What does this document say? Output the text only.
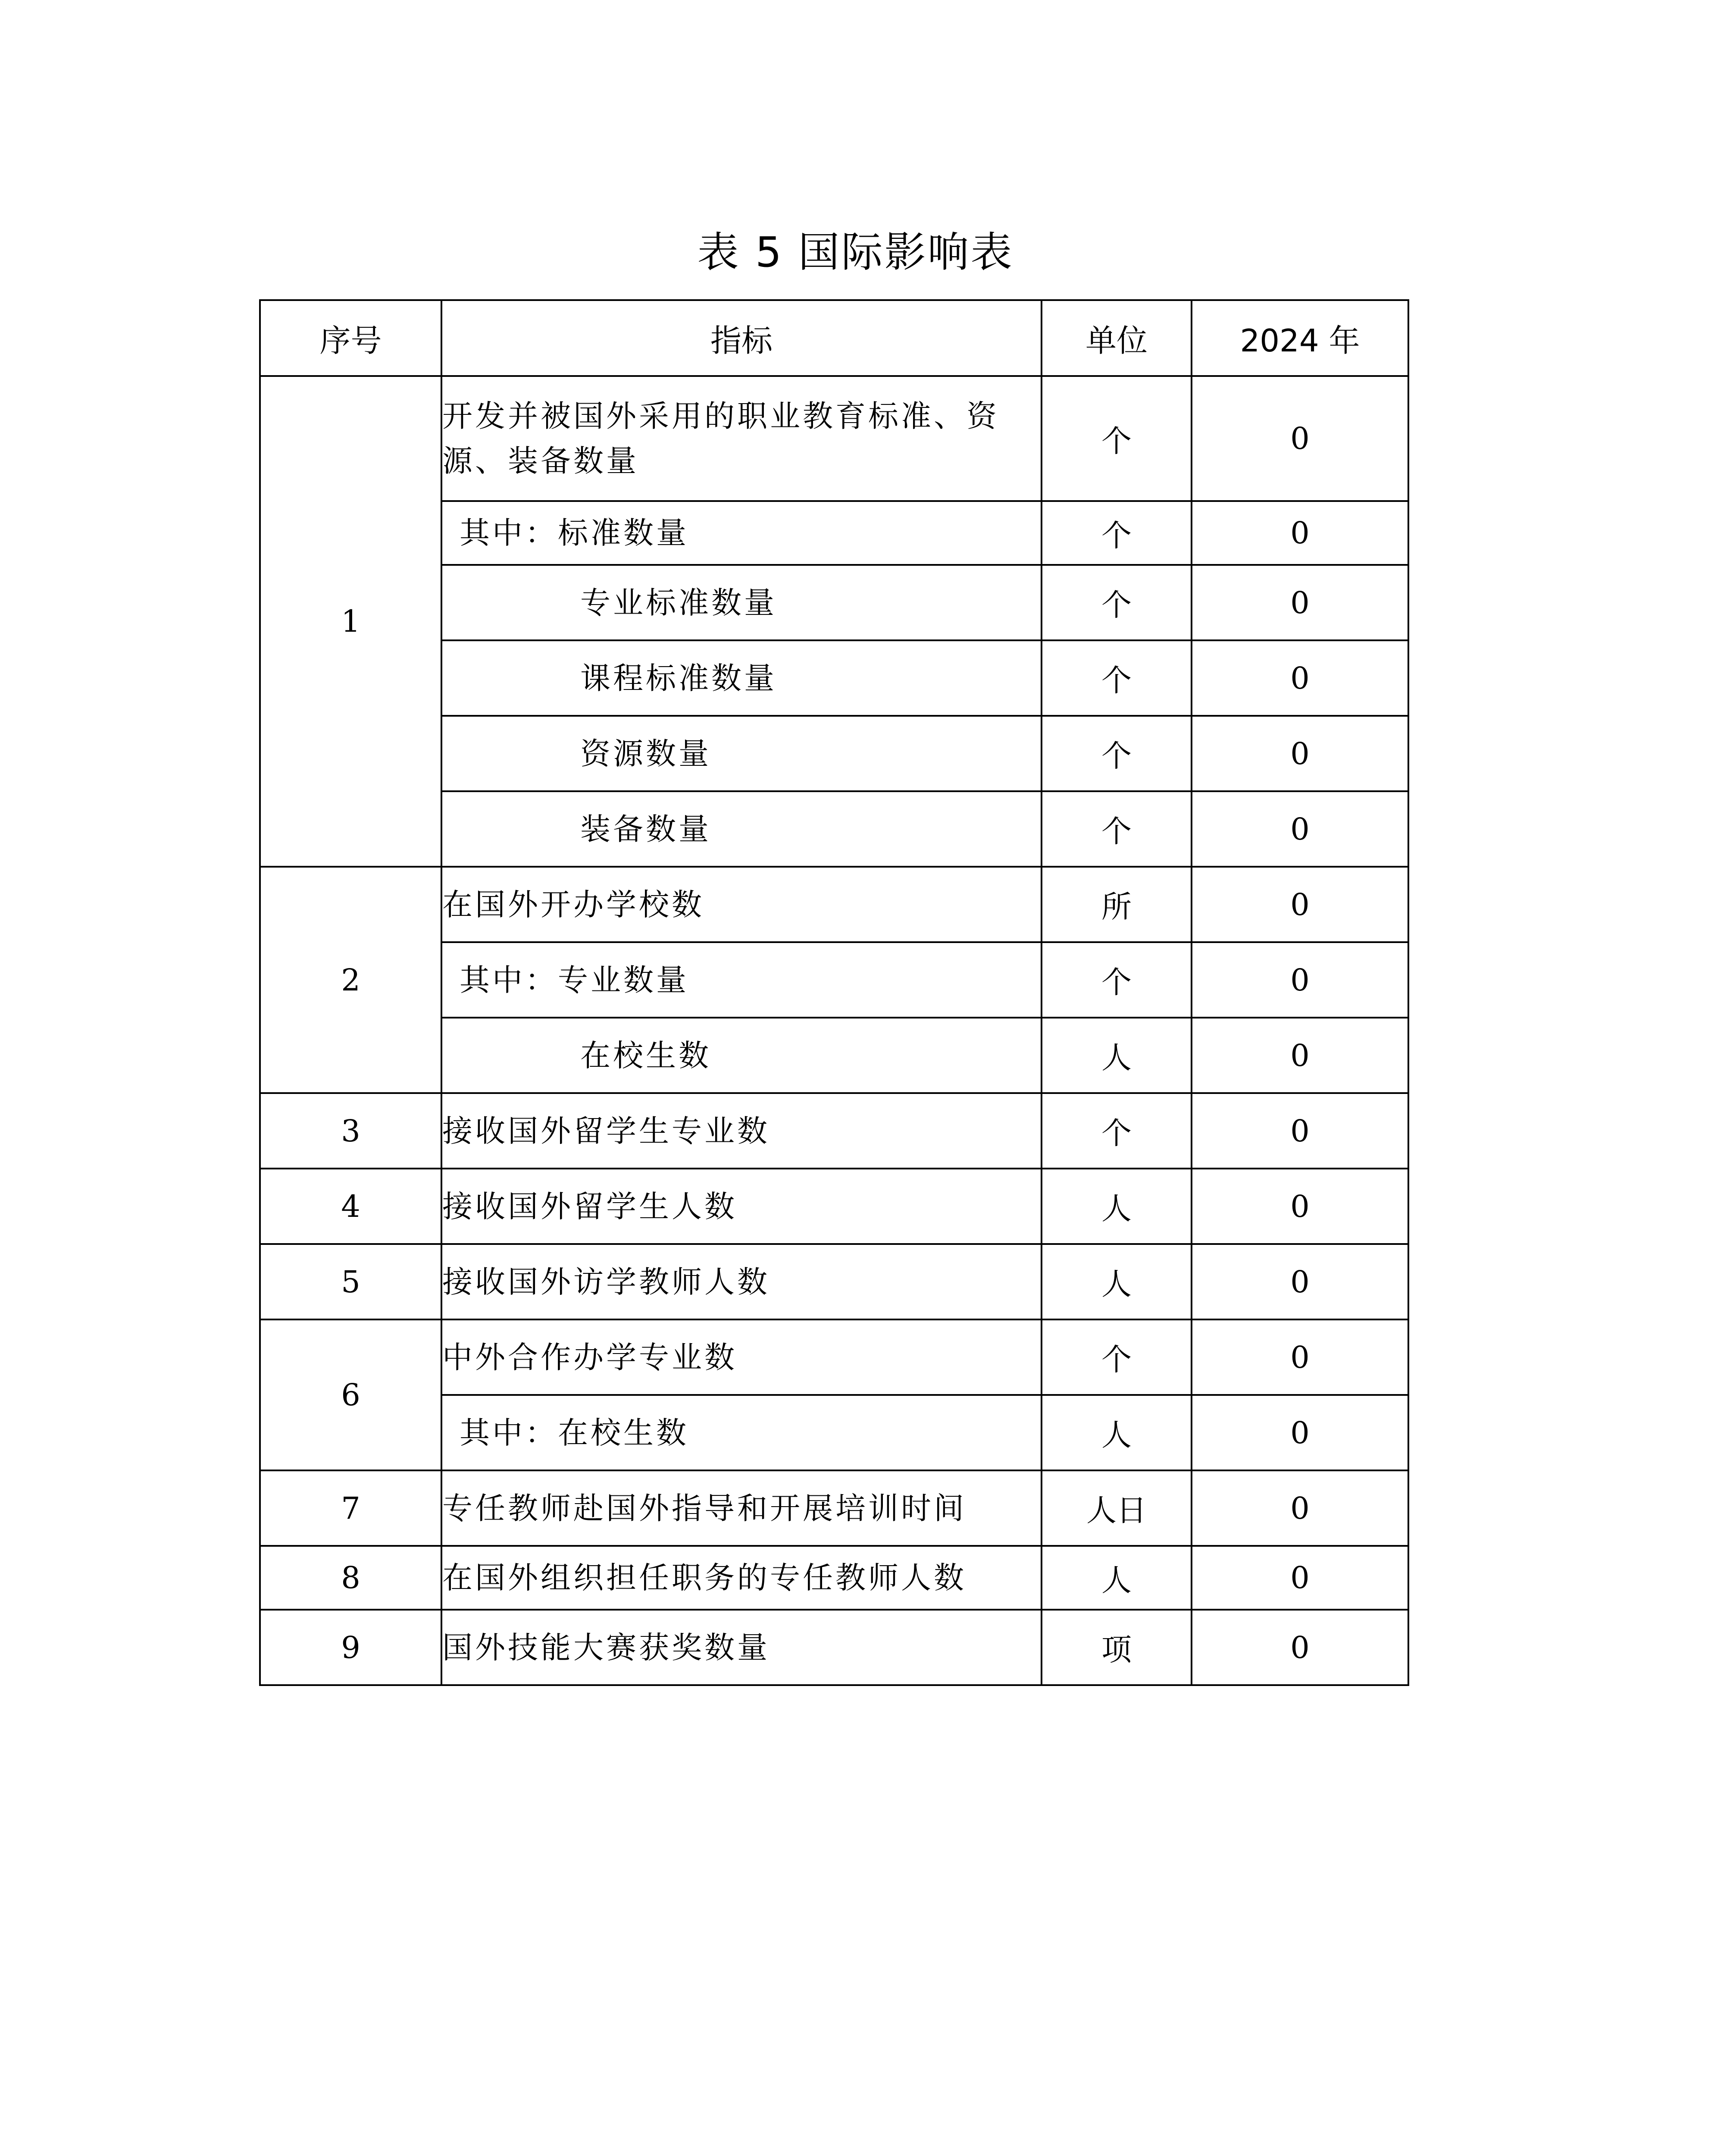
表 5 国际影响表
序号	指标	单位	2024 年
1	开发并被国外采用的职业教育标准、资源、装备数量	个	0
	其中：标准数量	个	0
	专业标准数量	个	0
	课程标准数量	个	0
	资源数量	个	0
	装备数量	个	0
2	在国外开办学校数	所	0
	其中：专业数量	个	0
	在校生数	人	0
3	接收国外留学生专业数	个	0
4	接收国外留学生人数	人	0
5	接收国外访学教师人数	人	0
6	中外合作办学专业数	个	0
	其中：在校生数	人	0
7	专任教师赴国外指导和开展培训时间	人日	0
8	在国外组织担任职务的专任教师人数	人	0
9	国外技能大赛获奖数量	项	0
